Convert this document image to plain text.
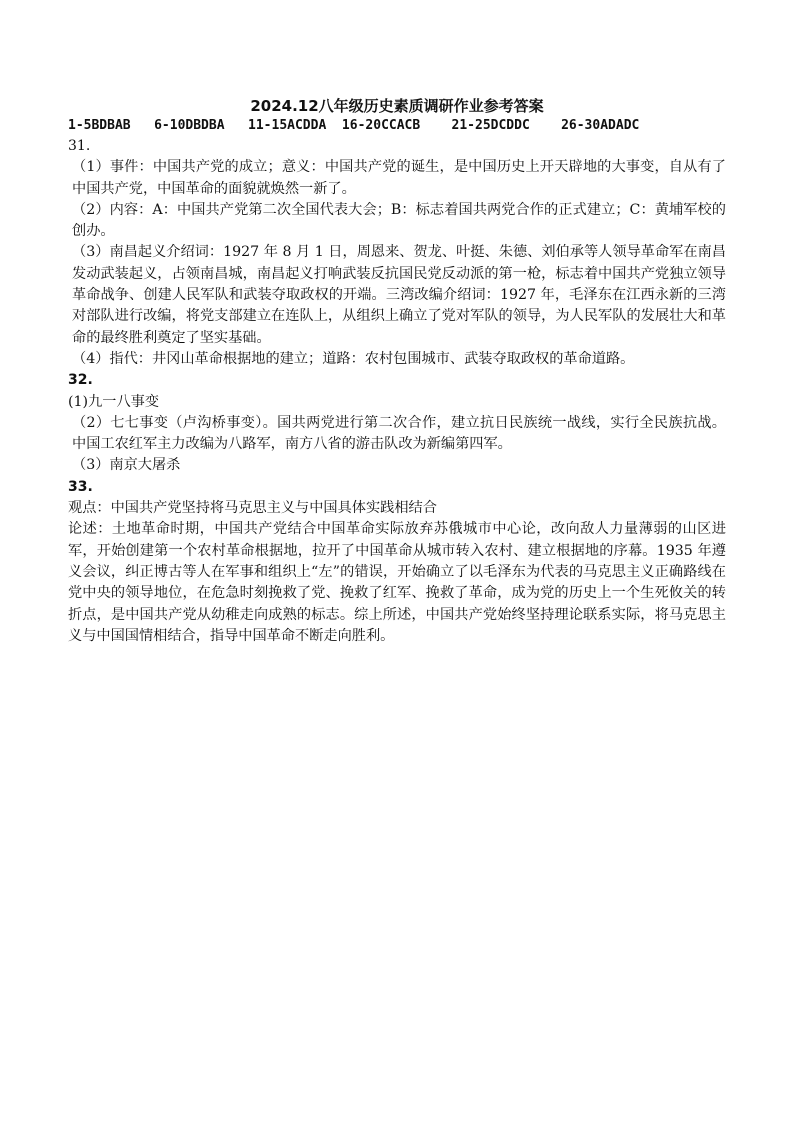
2024.12八年级历史素质调研作业参考答案

1-5BDBAB   6-10DBDBA   11-15ACDDA  16-20CCACB    21-25DCDDC    26-30ADADC

31.

（1）事件：中国共产党的成立；意义：中国共产党的诞生，是中国历史上开天辟地的大事变，自从有了中国共产党，中国革命的面貌就焕然一新了。

（2）内容：A：中国共产党第二次全国代表大会；B：标志着国共两党合作的正式建立；C：黄埔军校的创办。

（3）南昌起义介绍词：1927 年 8 月 1 日，周恩来、贺龙、叶挺、朱德、刘伯承等人领导革命军在南昌发动武装起义，占领南昌城，南昌起义打响武装反抗国民党反动派的第一枪，标志着中国共产党独立领导革命战争、创建人民军队和武装夺取政权的开端。三湾改编介绍词：1927 年，毛泽东在江西永新的三湾对部队进行改编，将党支部建立在连队上，从组织上确立了党对军队的领导，为人民军队的发展壮大和革命的最终胜利奠定了坚实基础。

（4）指代：井冈山革命根据地的建立；道路：农村包围城市、武装夺取政权的革命道路。

32.

(1)九一八事变

（2）七七事变（卢沟桥事变）。国共两党进行第二次合作，建立抗日民族统一战线，实行全民族抗战。中国工农红军主力改编为八路军，南方八省的游击队改为新编第四军。

（3）南京大屠杀

33.

观点：中国共产党坚持将马克思主义与中国具体实践相结合

论述：土地革命时期，中国共产党结合中国革命实际放弃苏俄城市中心论，改向敌人力量薄弱的山区进军，开始创建第一个农村革命根据地，拉开了中国革命从城市转入农村、建立根据地的序幕。1935 年遵义会议，纠正博古等人在军事和组织上“左”的错误，开始确立了以毛泽东为代表的马克思主义正确路线在党中央的领导地位，在危急时刻挽救了党、挽救了红军、挽救了革命，成为党的历史上一个生死攸关的转折点，是中国共产党从幼稚走向成熟的标志。综上所述，中国共产党始终坚持理论联系实际，将马克思主义与中国国情相结合，指导中国革命不断走向胜利。
